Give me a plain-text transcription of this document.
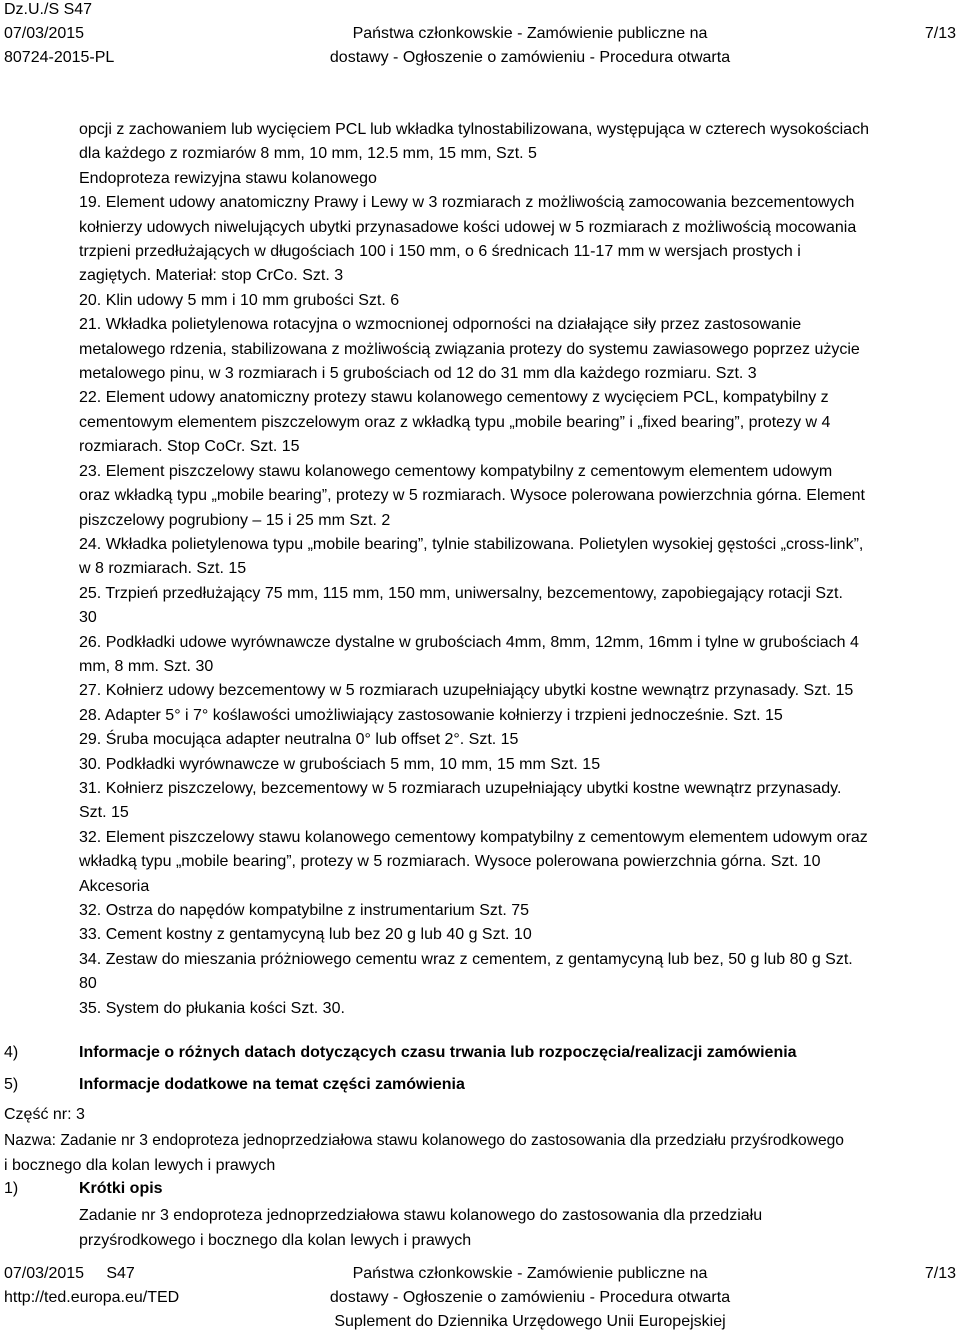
Dz.U./S S47
07/03/2015
80724-2015-PL
Państwa członkowskie - Zamówienie publiczne na
dostawy - Ogłoszenie o zamówieniu - Procedura otwarta
7/13
opcji z zachowaniem lub wycięciem PCL lub wkładka tylnostabilizowana, występująca w czterech wysokościach
dla każdego z rozmiarów 8 mm, 10 mm, 12.5 mm, 15 mm, Szt. 5
Endoproteza rewizyjna stawu kolanowego
19. Element udowy anatomiczny Prawy i Lewy w 3 rozmiarach z możliwością zamocowania bezcementowych
kołnierzy udowych niwelujących ubytki przynasadowe kości udowej w 5 rozmiarach z możliwością mocowania
trzpieni przedłużających w długościach 100 i 150 mm, o 6 średnicach 11-17 mm w wersjach prostych i
zagiętych. Materiał: stop CrCo. Szt. 3
20. Klin udowy 5 mm i 10 mm grubości Szt. 6
21. Wkładka polietylenowa rotacyjna o wzmocnionej odporności na działające siły przez zastosowanie
metalowego rdzenia, stabilizowana z możliwością związania protezy do systemu zawiasowego poprzez użycie
metalowego pinu, w 3 rozmiarach i 5 grubościach od 12 do 31 mm dla każdego rozmiaru. Szt. 3
22. Element udowy anatomiczny protezy stawu kolanowego cementowy z wycięciem PCL, kompatybilny z
cementowym elementem piszczelowym oraz z wkładką typu „mobile bearing” i „fixed bearing”, protezy w 4
rozmiarach. Stop CoCr. Szt. 15
23. Element piszczelowy stawu kolanowego cementowy kompatybilny z cementowym elementem udowym
oraz wkładką typu „mobile bearing”, protezy w 5 rozmiarach. Wysoce polerowana powierzchnia górna. Element
piszczelowy pogrubiony – 15 i 25 mm Szt. 2
24. Wkładka polietylenowa typu „mobile bearing”, tylnie stabilizowana. Polietylen wysokiej gęstości „cross-link”,
w 8 rozmiarach. Szt. 15
25. Trzpień przedłużający 75 mm, 115 mm, 150 mm, uniwersalny, bezcementowy, zapobiegający rotacji Szt.
30
26. Podkładki udowe wyrównawcze dystalne w grubościach 4mm, 8mm, 12mm, 16mm i tylne w grubościach 4
mm, 8 mm. Szt. 30
27. Kołnierz udowy bezcementowy w 5 rozmiarach uzupełniający ubytki kostne wewnątrz przynasady. Szt. 15
28. Adapter 5° i 7° koślawości umożliwiający zastosowanie kołnierzy i trzpieni jednocześnie. Szt. 15
29. Śruba mocująca adapter neutralna 0° lub offset 2°. Szt. 15
30. Podkładki wyrównawcze w grubościach 5 mm, 10 mm, 15 mm Szt. 15
31. Kołnierz piszczelowy, bezcementowy w 5 rozmiarach uzupełniający ubytki kostne wewnątrz przynasady.
Szt. 15
32. Element piszczelowy stawu kolanowego cementowy kompatybilny z cementowym elementem udowym oraz
wkładką typu „mobile bearing”, protezy w 5 rozmiarach. Wysoce polerowana powierzchnia górna. Szt. 10
Akcesoria
32. Ostrza do napędów kompatybilne z instrumentarium Szt. 75
33. Cement kostny z gentamycyną lub bez 20 g lub 40 g Szt. 10
34. Zestaw do mieszania próżniowego cementu wraz z cementem, z gentamycyną lub bez, 50 g lub 80 g Szt.
80
35. System do płukania kości Szt. 30.
4)	Informacje o różnych datach dotyczących czasu trwania lub rozpoczęcia/realizacji zamówienia
5)	Informacje dodatkowe na temat części zamówienia
Część nr: 3
Nazwa: Zadanie nr 3 endoproteza jednoprzedziałowa stawu kolanowego do zastosowania dla przedziału przyśrodkowego
i bocznego dla kolan lewych i prawych
1)	Krótki opis
Zadanie nr 3 endoproteza jednoprzedziałowa stawu kolanowego do zastosowania dla przedziału
przyśrodkowego i bocznego dla kolan lewych i prawych
07/03/2015 S47
http://ted.europa.eu/TED
Państwa członkowskie - Zamówienie publiczne na
dostawy - Ogłoszenie o zamówieniu - Procedura otwarta
Suplement do Dziennika Urzędowego Unii Europejskiej
7/13
